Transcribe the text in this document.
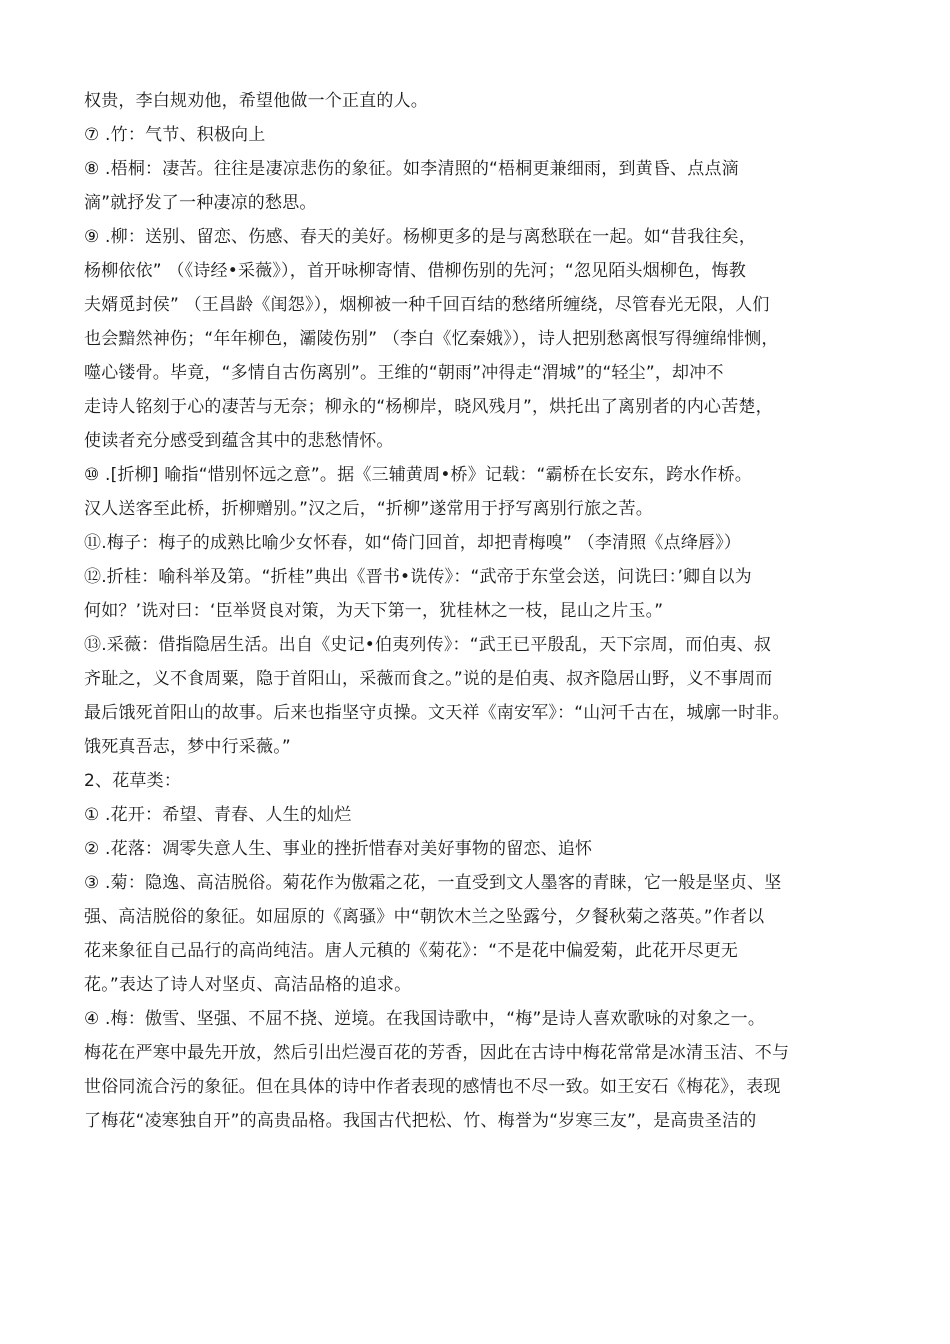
权贵，李白规劝他，希望他做一个正直的人。

⑦ .竹：气节、积极向上

⑧ .梧桐：凄苦。往往是凄凉悲伤的象征。如李清照的“梧桐更兼细雨，到黄昏、点点滴

滴”就抒发了一种凄凉的愁思。

⑨ .柳：送别、留恋、伤感、春天的美好。杨柳更多的是与离愁联在一起。如“昔我往矣，

杨柳依依” （《诗经•采薇》），首开咏柳寄情、借柳伤别的先河；“忽见陌头烟柳色，悔教

夫婿觅封侯” （王昌龄《闺怨》），烟柳被一种千回百结的愁绪所缠绕，尽管春光无限，人们

也会黯然神伤；“年年柳色，灞陵伤别” （李白《忆秦娥》），诗人把别愁离恨写得缠绵悱恻，

噬心镂骨。毕竟，“多情自古伤离别”。王维的“朝雨”冲得走“渭城”的“轻尘”，却冲不

走诗人铭刻于心的凄苦与无奈；柳永的“杨柳岸，晓风残月”，烘托出了离别者的内心苦楚，

使读者充分感受到蕴含其中的悲愁情怀。

⑩ .[折柳] 喻指“惜别怀远之意”。据《三辅黄周•桥》记载：“霸桥在长安东，跨水作桥。

汉人送客至此桥，折柳赠别。”汉之后，“折柳”遂常用于抒写离别行旅之苦。

⑪.梅子：梅子的成熟比喻少女怀春，如“倚门回首，却把青梅嗅” （李清照《点绛唇》）

⑫.折桂：喻科举及第。“折桂”典出《晋书•诜传》：“武帝于东堂会送，问诜曰：’卿自以为

何如？’诜对曰：‘臣举贤良对策，为天下第一，犹桂林之一枝，昆山之片玉。”

⑬.采薇：借指隐居生活。出自《史记•伯夷列传》：“武王已平殷乱，天下宗周，而伯夷、叔

齐耻之，义不食周粟，隐于首阳山，采薇而食之。”说的是伯夷、叔齐隐居山野，义不事周而

最后饿死首阳山的故事。后来也指坚守贞操。文天祥《南安军》：“山河千古在，城廓一时非。

饿死真吾志，梦中行采薇。”

2、花草类：

① .花开：希望、青春、人生的灿烂

② .花落：凋零失意人生、事业的挫折惜春对美好事物的留恋、追怀

③ .菊：隐逸、高洁脱俗。菊花作为傲霜之花，一直受到文人墨客的青睐，它一般是坚贞、坚

强、高洁脱俗的象征。如屈原的《离骚》中“朝饮木兰之坠露兮，夕餐秋菊之落英。”作者以

花来象征自己品行的高尚纯洁。唐人元稹的《菊花》：“不是花中偏爱菊，此花开尽更无

花。”表达了诗人对坚贞、高洁品格的追求。

④ .梅：傲雪、坚强、不屈不挠、逆境。在我国诗歌中，“梅”是诗人喜欢歌咏的对象之一。

梅花在严寒中最先开放，然后引出烂漫百花的芳香，因此在古诗中梅花常常是冰清玉洁、不与

世俗同流合污的象征。但在具体的诗中作者表现的感情也不尽一致。如王安石《梅花》，表现

了梅花“凌寒独自开”的高贵品格。我国古代把松、竹、梅誉为“岁寒三友”，是高贵圣洁的
